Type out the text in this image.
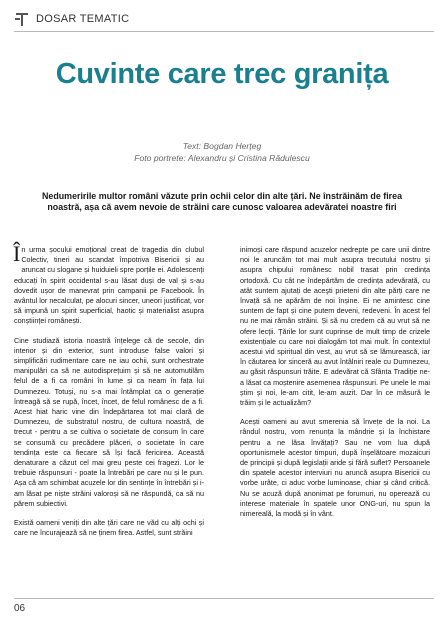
DOSAR TEMATIC
Cuvinte care trec granița
Text: Bogdan Herțeg
Foto portrete: Alexandru și Cristina Rădulescu
Nedumeririle multor români văzute prin ochii celor din alte țări. Ne înstrăinăm de firea noastră, așa că avem nevoie de străini care cunosc valoarea adevăratei noastre firi

În urma șocului emoțional creat de tragedia din clubul Colectiv, tineri au scandat împotriva Bisericii și au aruncat cu slogane și huiduieli spre porțile ei. Adolescenți educați în spirit occidental s-au lăsat duși de val și s-au dovedit ușor de manevrat prin campanii pe Facebook. În avântul lor necalculat, pe alocuri sincer, uneori justificat, vor să impună un spirit superficial, haotic și materialist asupra conștiinței românești.

Cine studiază istoria noastră înțelege că de secole, din interior și din exterior, sunt introduse false valori și simplificări rudimentare care ne iau ochii, sunt orchestrate manipulări ca să ne autodisprețuim și să ne automutilăm felul de a fi ca români în lume și ca neam în fața lui Dumnezeu. Totuși, nu s-a mai întâmplat ca o generație întreagă să se rupă, încet, încet, de felul românesc de a fi. Acest hiat haric vine din îndepărtarea tot mai clară de Dumnezeu, de substratul nostru, de cultura noastră, de trecut - pentru a se cultiva o societate de consum în care se consumă cu precădere plăceri, o societate în care tendința este ca fiecare să își facă fericirea. Această denaturare a căzut cel mai greu peste cei fragezi. Lor le trebuie răspunsuri - poate la întrebări pe care nu și le pun. Așa că am schimbat acuzele lor din sentințe în întrebări și i-am lăsat pe niște străini valoroși să ne răspundă, ca să nu părem subiectivi.

Există oameni veniți din alte țări care ne văd cu alți ochi și care ne încurajează să ne ținem firea. Astfel, sunt străini

inimoși care răspund acuzelor nedrepte pe care unii dintre noi le aruncăm tot mai mult asupra trecutului nostru și asupra chipului românesc nobil trasat prin credința ortodoxă. Cu cât ne îndepărtăm de credința adevărată, cu atât suntem ajutați de aceşti prieteni din alte părți care ne învață să ne apărăm de noi înșine. Ei ne amintesc cine suntem de fapt și cine putem deveni, redeveni. În acest fel nu ne mai rămân străini. Și să nu credem că au vrut să ne ofere lecții. Țările lor sunt cuprinse de mult timp de crizele existențiale cu care noi dialogăm tot mai mult. În contextul acestui vid spiritual din vest, au vrut să se lămurească, iar în căutarea lor sinceră au avut întâlniri reale cu Dumnezeu, au găsit răspunsuri trăite. E adevărat că Sfânta Tradiție ne-a lăsat ca moștenire asemenea răspunsuri. Pe unele le mai știm și noi, le-am citit, le-am auzit. Dar în ce măsură le trăim și le actualizăm?

Acești oameni au avut smerenia să învețe de la noi. La rândul nostru, vom renunța la mândrie și la închistare pentru a ne lăsa învățați? Sau ne vom lua după oportunismele acestor timpuri, după înșelătoare mozaicuri de principii și după legislații aride și fără suflet? Persoanele din spatele acestor interviuri nu aruncă asupra Bisericii cu vorbe urâte, ci aduc vorbe luminoase, chiar și când critică. Nu se acuză după anonimat pe forumuri, nu operează cu interese materiale în spatele unor ONG-uri, nu spun la nimereală, la modă și în vânt.

06
